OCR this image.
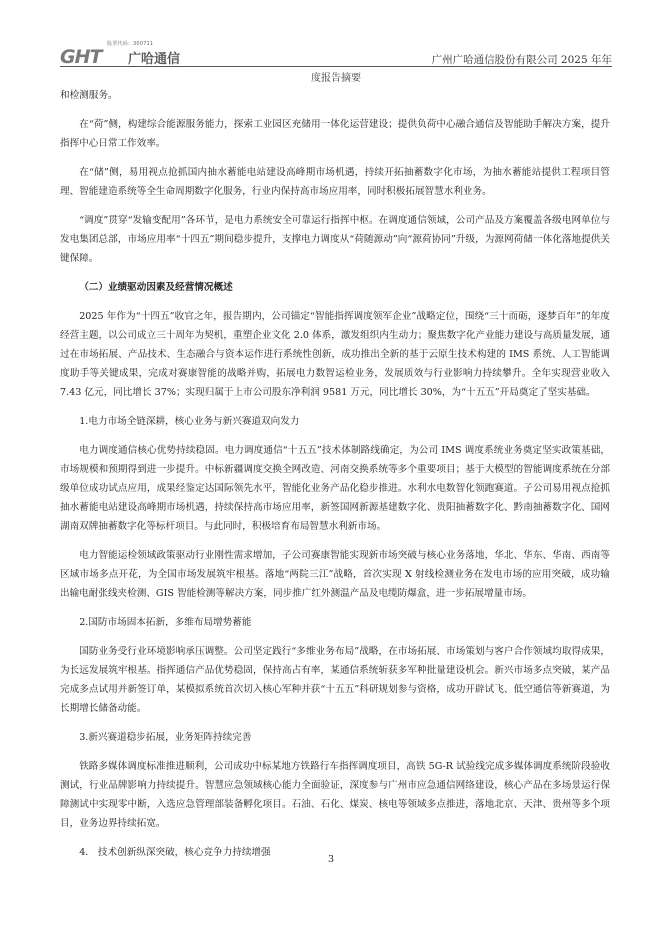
GHT
股票代码：300711
广哈通信	广州广哈通信股份有限公司 2025 年年
度报告摘要

和检测服务。

在“荷”侧，构建综合能源服务能力，探索工业园区充储用一体化运营建设；提供负荷中心融合通信及智能助手解决方案，提升指挥中心日常工作效率。

在“储”侧，易用视点抢抓国内抽水蓄能电站建设高峰期市场机遇，持续开拓抽蓄数字化市场，为抽水蓄能站提供工程项目管理、智能建造系统等全生命周期数字化服务，行业内保持高市场应用率，同时积极拓展智慧水利业务。

“调度”贯穿“发输变配用”各环节，是电力系统安全可靠运行指挥中枢。在调度通信领域，公司产品及方案覆盖各级电网单位与发电集团总部，市场应用率“十四五”期间稳步提升，支撑电力调度从“荷随源动”向“源荷协同”升级，为源网荷储一体化落地提供关键保障。

（二）业绩驱动因素及经营情况概述

2025 年作为“十四五”收官之年，报告期内，公司锚定“智能指挥调度领军企业”战略定位，围绕“三十而砺，逐梦百年”的年度经营主题，以公司成立三十周年为契机，重塑企业文化 2.0 体系，激发组织内生动力；聚焦数字化产业能力建设与高质量发展，通过在市场拓展、产品技术、生态融合与资本运作进行系统性创新，成功推出全新的基于云原生技术构建的 IMS 系统、人工智能调度助手等关键成果，完成对赛康智能的战略并购，拓展电力数智运检业务，发展质效与行业影响力持续攀升。全年实现营业收入 7.43 亿元，同比增长 37%；实现归属于上市公司股东净利润 9581 万元，同比增长 30%，为“十五五”开局奠定了坚实基础。

1.电力市场全链深耕，核心业务与新兴赛道双向发力

电力调度通信核心优势持续稳固。电力调度通信“十五五”技术体制路线确定，为公司 IMS 调度系统业务奠定坚实政策基础，市场规模和预期得到进一步提升。中标新疆调度交换全网改造、河南交换系统等多个重要项目；基于大模型的智能调度系统在分部级单位成功试点应用，成果经鉴定达国际领先水平，智能化业务产品化稳步推进。水利水电数智化领跑赛道。子公司易用视点抢抓抽水蓄能电站建设高峰期市场机遇，持续保持高市场应用率，新签国网新源基建数字化、贵阳抽蓄数字化、黔南抽蓄数字化、国网湖南双牌抽蓄数字化等标杆项目。与此同时，积极培育布局智慧水利新市场。

电力智能运检领域政策驱动行业刚性需求增加，子公司赛康智能实现新市场突破与核心业务落地，华北、华东、华南、西南等区域市场多点开花，为全国市场发展筑牢根基。落地“两院三江”战略，首次实现 X 射线检测业务在发电市场的应用突破，成功输出输电耐张线夹检测、GIS 智能检测等解决方案，同步推广红外测温产品及电缆防爆盒，进一步拓展增量市场。

2.国防市场固本拓新，多维布局增势蓄能

国防业务受行业环境影响承压调整。公司坚定践行“多维业务布局”战略，在市场拓展、市场策划与客户合作领域均取得成果，为长远发展筑牢根基。指挥通信产品优势稳固，保持高占有率，某通信系统斩获多军种批量建设机会。新兴市场多点突破，某产品完成多点试用并新签订单，某模拟系统首次切入核心军种并获“十五五”科研规划参与资格，成功开辟试飞、低空通信等新赛道，为长期增长储备动能。

3.新兴赛道稳步拓展，业务矩阵持续完善

铁路多媒体调度标准推进顺利，公司成功中标某地方铁路行车指挥调度项目，高铁 5G-R 试验线完成多媒体调度系统阶段验收测试，行业品牌影响力持续提升。智慧应急领域核心能力全面验证，深度参与广州市应急通信网络建设，核心产品在多场景运行保障测试中实现零中断，入选应急管理部装备孵化项目。石油、石化、煤炭、核电等领域多点推进，落地北京、天津、贵州等多个项目，业务边界持续拓宽。

4.　技术创新纵深突破，核心竞争力持续增强
3
